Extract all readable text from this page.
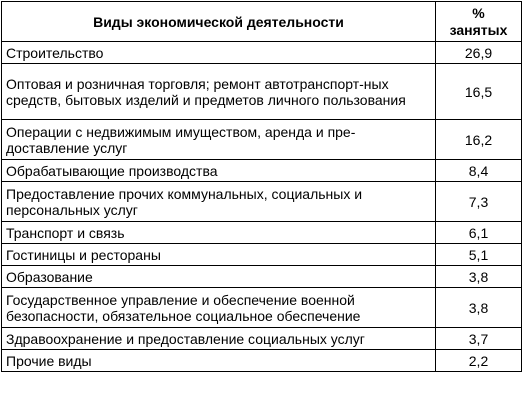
Виды экономической деятельности	%
занятых
Строительство	26,9
Оптовая и розничная торговля; ремонт автотранспорт-ных средств, бытовых изделий и предметов личного пользования	16,5
Операции с недвижимым имуществом, аренда и пре-доставление услуг	16,2
Обрабатывающие производства	8,4
Предоставление прочих коммунальных, социальных и персональных услуг	7,3
Транспорт и связь	6,1
Гостиницы и рестораны	5,1
Образование	3,8
Государственное управление и обеспечение военной безопасности, обязательное социальное обеспечение	3,8
Здравоохранение и предоставление социальных услуг	3,7
Прочие виды	2,2
